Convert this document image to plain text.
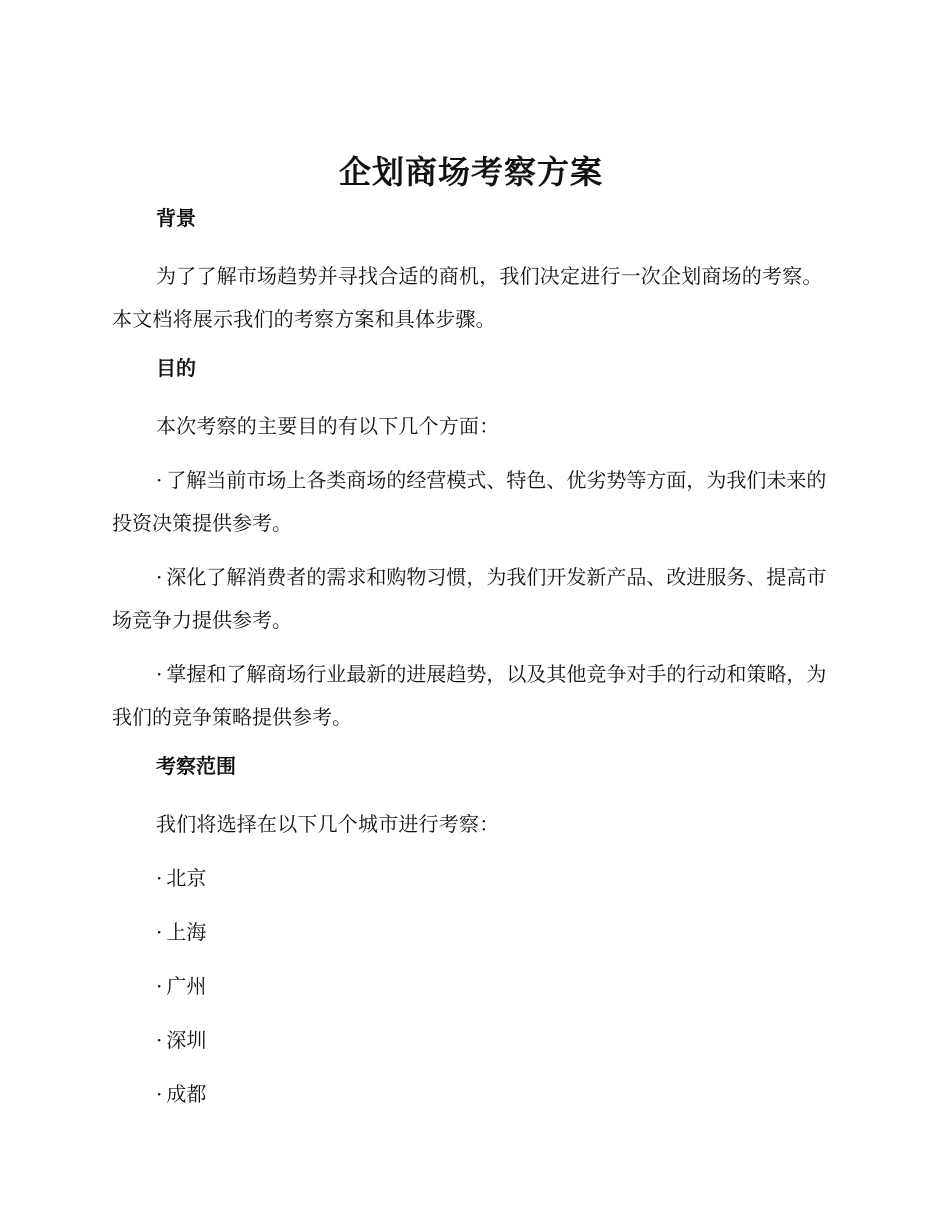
企划商场考察方案
背景

为了了解市场趋势并寻找合适的商机，我们决定进行一次企划商场的考察。本文档将展示我们的考察方案和具体步骤。

目的

本次考察的主要目的有以下几个方面：

· 了解当前市场上各类商场的经营模式、特色、优劣势等方面，为我们未来的投资决策提供参考。

· 深化了解消费者的需求和购物习惯，为我们开发新产品、改进服务、提高市场竞争力提供参考。

· 掌握和了解商场行业最新的进展趋势，以及其他竞争对手的行动和策略，为我们的竞争策略提供参考。

考察范围

我们将选择在以下几个城市进行考察：

· 北京

· 上海

· 广州

· 深圳

· 成都
